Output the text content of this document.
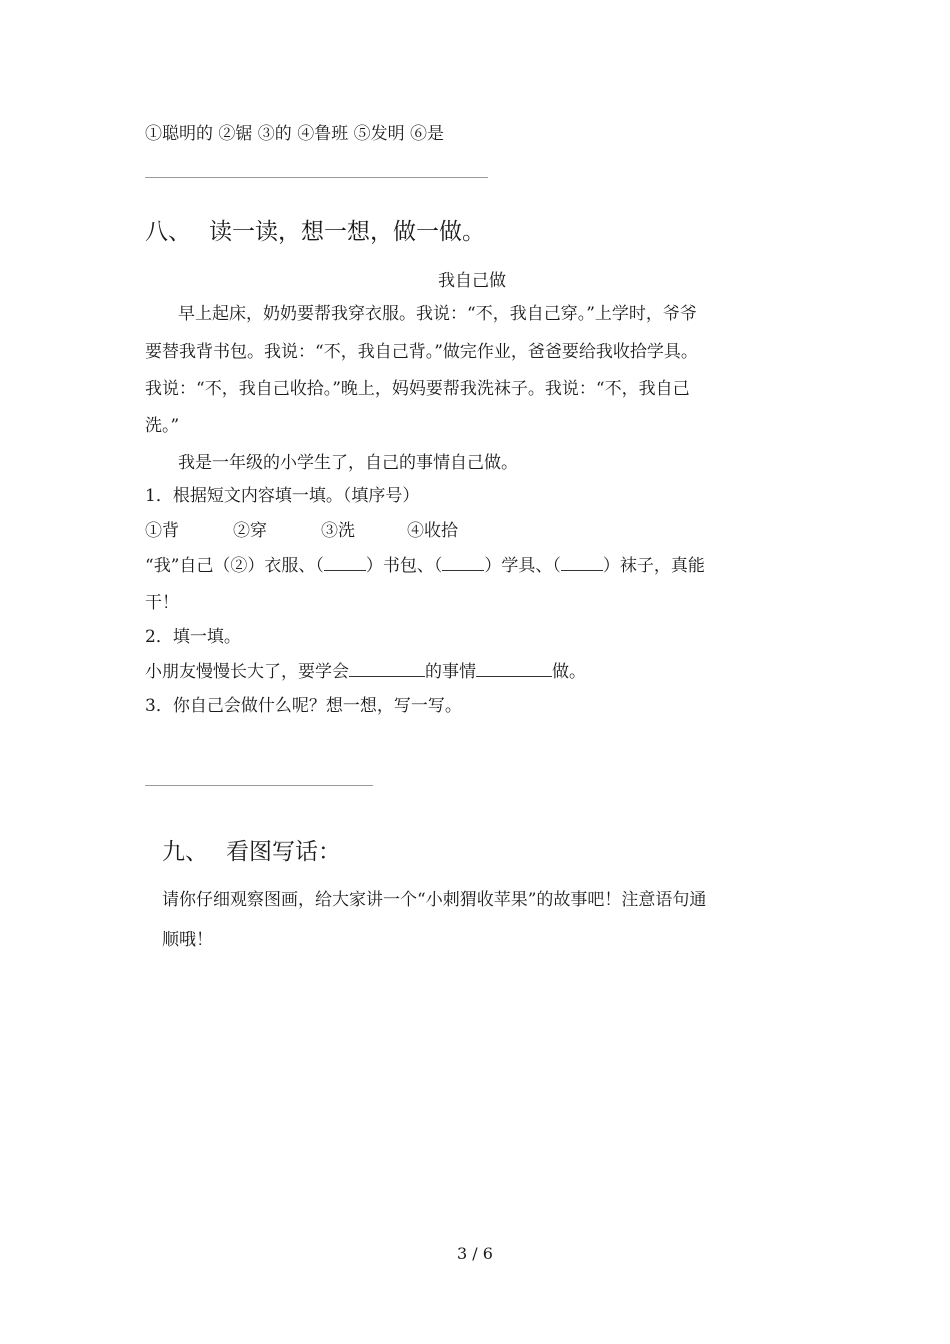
①聪明的 ②锯 ③的 ④鲁班 ⑤发明 ⑥是
八、 读一读，想一想，做一做。
我自己做
早上起床，奶奶要帮我穿衣服。我说：“不，我自己穿。”上学时，爷爷
要替我背书包。我说：“不，我自己背。”做完作业，爸爸要给我收拾学具。
我说：“不，我自己收拾。”晚上，妈妈要帮我洗袜子。我说：“不，我自己
洗。”
我是一年级的小学生了，自己的事情自己做。
1．根据短文内容填一填。（填序号）
①背	②穿	③洗	④收拾
“我”自己（②）衣服、（ ）书包、（ ）学具、（ ）袜子，真能
干！
2．填一填。
小朋友慢慢长大了，要学会	的事情	做。
3．你自己会做什么呢？想一想，写一写。
九、 看图写话：
请你仔细观察图画，给大家讲一个“小刺猬收苹果”的故事吧！注意语句通
顺哦！
3 / 6
